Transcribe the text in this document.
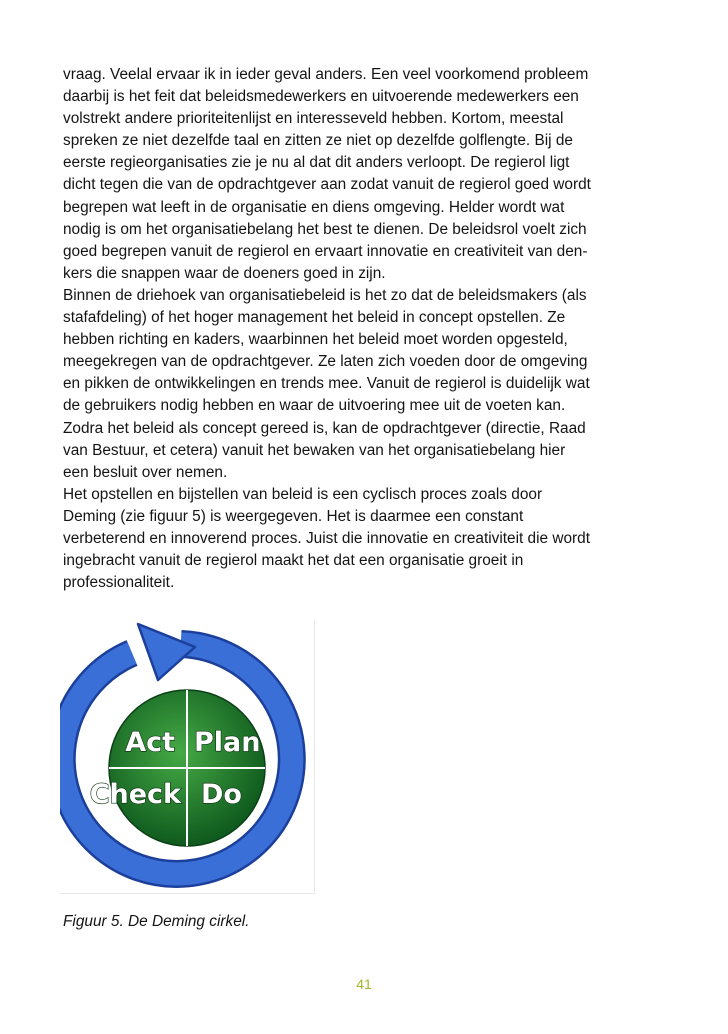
vraag. Veelal ervaar ik in ieder geval anders. Een veel voorkomend probleem
daarbij is het feit dat beleidsmedewerkers en uitvoerende medewerkers een
volstrekt andere prioriteitenlijst en interesseveld hebben. Kortom, meestal
spreken ze niet dezelfde taal en zitten ze niet op dezelfde golflengte. Bij de
eerste regieorganisaties zie je nu al dat dit anders verloopt. De regierol ligt
dicht tegen die van de opdrachtgever aan zodat vanuit de regierol goed wordt
begrepen wat leeft in de organisatie en diens omgeving. Helder wordt wat
nodig is om het organisatiebelang het best te dienen. De beleidsrol voelt zich
goed begrepen vanuit de regierol en ervaart innovatie en creativiteit van den-
kers die snappen waar de doeners goed in zijn.
Binnen de driehoek van organisatiebeleid is het zo dat de beleidsmakers (als
stafafdeling) of het hoger management het beleid in concept opstellen. Ze
hebben richting en kaders, waarbinnen het beleid moet worden opgesteld,
meegekregen van de opdrachtgever. Ze laten zich voeden door de omgeving
en pikken de ontwikkelingen en trends mee. Vanuit de regierol is duidelijk wat
de gebruikers nodig hebben en waar de uitvoering mee uit de voeten kan.
Zodra het beleid als concept gereed is, kan de opdrachtgever (directie, Raad
van Bestuur, et cetera) vanuit het bewaken van het organisatiebelang hier
een besluit over nemen.
Het opstellen en bijstellen van beleid is een cyclisch proces zoals door
Deming (zie figuur 5) is weergegeven. Het is daarmee een constant
verbeterend en innoverend proces. Juist die innovatie en creativiteit die wordt
ingebracht vanuit de regierol maakt het dat een organisatie groeit in
professionaliteit.
Act Plan
Check Do
Figuur 5. De Deming cirkel.
41
